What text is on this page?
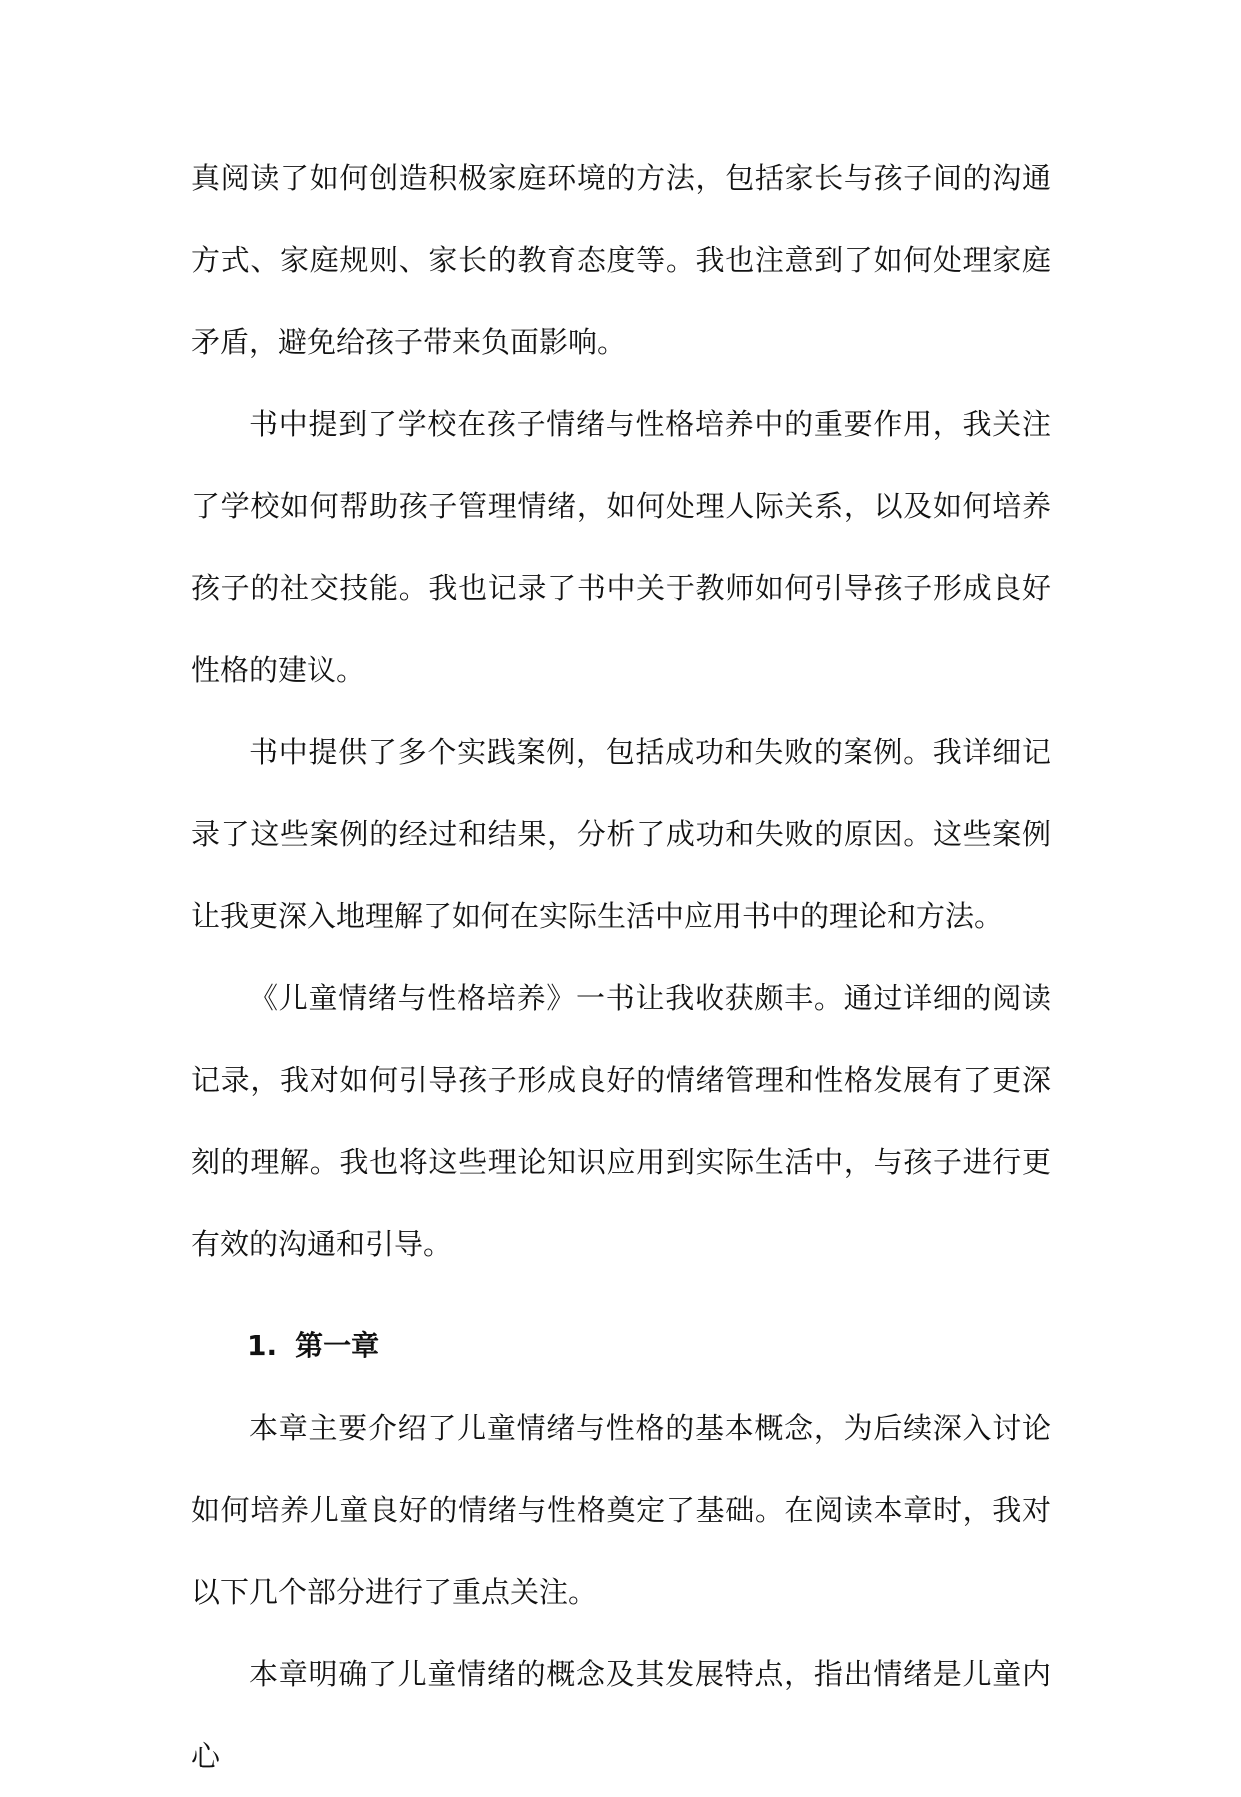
真阅读了如何创造积极家庭环境的方法，包括家长与孩子间的沟通方式、家庭规则、家长的教育态度等。我也注意到了如何处理家庭矛盾，避免给孩子带来负面影响。

书中提到了学校在孩子情绪与性格培养中的重要作用，我关注了学校如何帮助孩子管理情绪，如何处理人际关系，以及如何培养孩子的社交技能。我也记录了书中关于教师如何引导孩子形成良好性格的建议。

书中提供了多个实践案例，包括成功和失败的案例。我详细记录了这些案例的经过和结果，分析了成功和失败的原因。这些案例让我更深入地理解了如何在实际生活中应用书中的理论和方法。

《儿童情绪与性格培养》一书让我收获颇丰。通过详细的阅读记录，我对如何引导孩子形成良好的情绪管理和性格发展有了更深刻的理解。我也将这些理论知识应用到实际生活中，与孩子进行更有效的沟通和引导。

1. 第一章

本章主要介绍了儿童情绪与性格的基本概念，为后续深入讨论如何培养儿童良好的情绪与性格奠定了基础。在阅读本章时，我对以下几个部分进行了重点关注。

本章明确了儿童情绪的概念及其发展特点，指出情绪是儿童内心
